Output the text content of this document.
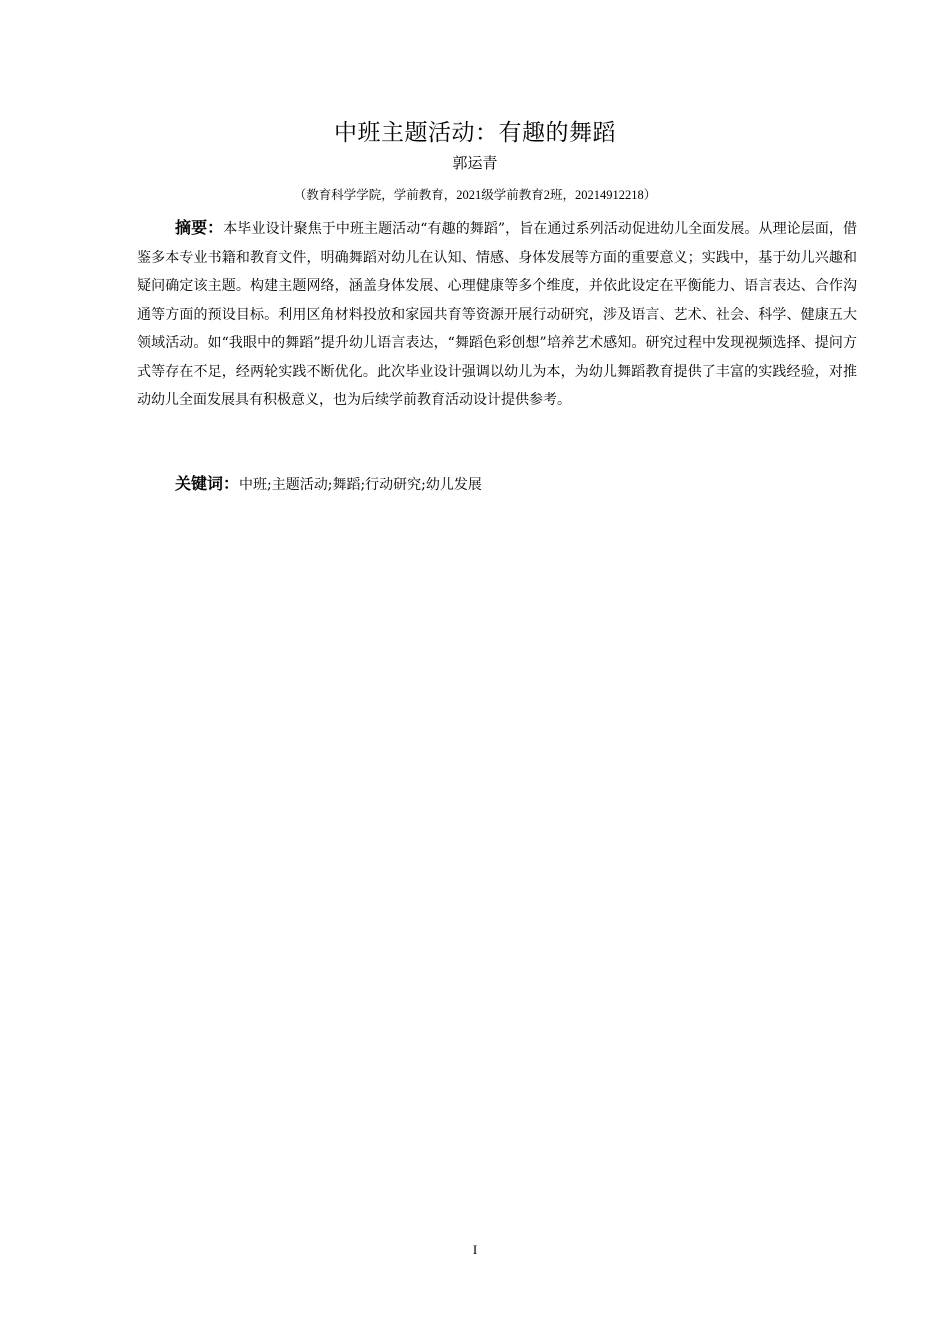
中班主题活动：有趣的舞蹈
郭运青
（教育科学学院，学前教育，2021级学前教育2班，20214912218）

摘要：本毕业设计聚焦于中班主题活动“有趣的舞蹈”，旨在通过系列活动促进幼儿全面发展。从理论层面，借鉴多本专业书籍和教育文件，明确舞蹈对幼儿在认知、情感、身体发展等方面的重要意义；实践中，基于幼儿兴趣和疑问确定该主题。构建主题网络，涵盖身体发展、心理健康等多个维度，并依此设定在平衡能力、语言表达、合作沟通等方面的预设目标。利用区角材料投放和家园共育等资源开展行动研究，涉及语言、艺术、社会、科学、健康五大领域活动。如“我眼中的舞蹈”提升幼儿语言表达，“舞蹈色彩创想”培养艺术感知。研究过程中发现视频选择、提问方式等存在不足，经两轮实践不断优化。此次毕业设计强调以幼儿为本，为幼儿舞蹈教育提供了丰富的实践经验，对推动幼儿全面发展具有积极意义，也为后续学前教育活动设计提供参考。

关键词：中班;主题活动;舞蹈;行动研究;幼儿发展

I
